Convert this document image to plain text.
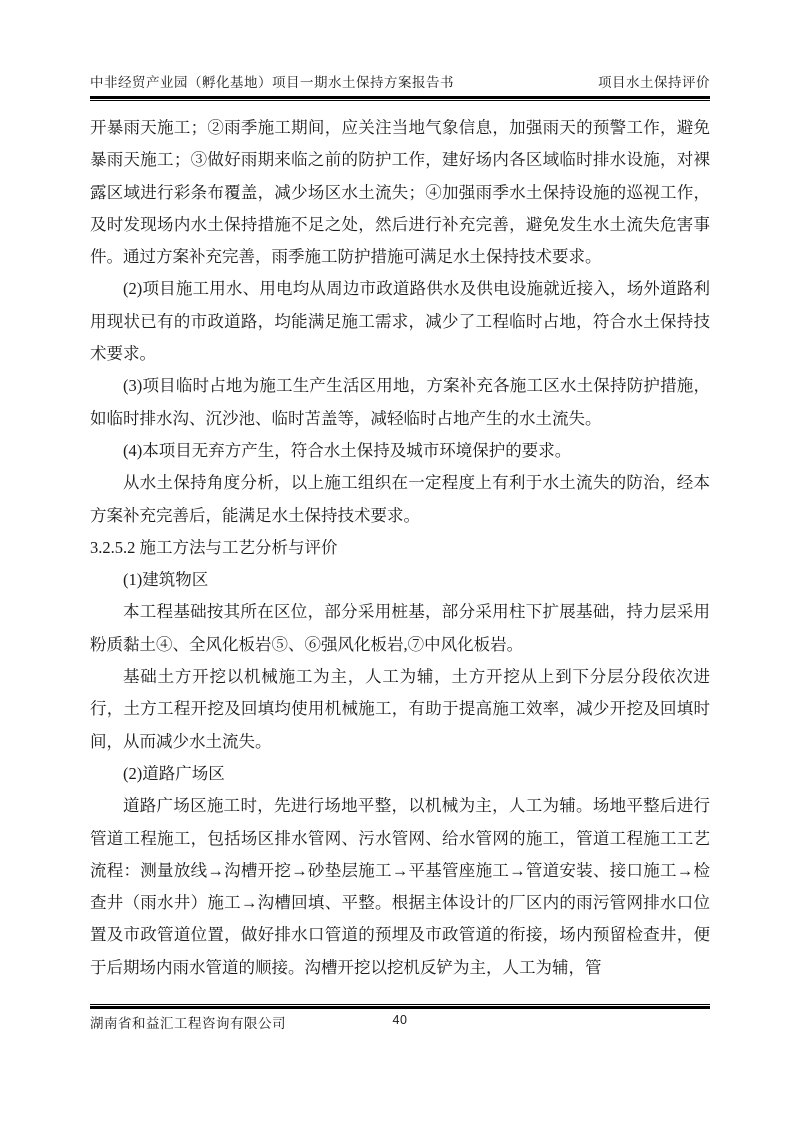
中非经贸产业园（孵化基地）项目一期水土保持方案报告书	项目水土保持评价

开暴雨天施工；②雨季施工期间，应关注当地气象信息，加强雨天的预警工作，避免暴雨天施工；③做好雨期来临之前的防护工作，建好场内各区域临时排水设施，对裸露区域进行彩条布覆盖，减少场区水土流失；④加强雨季水土保持设施的巡视工作，及时发现场内水土保持措施不足之处，然后进行补充完善，避免发生水土流失危害事件。通过方案补充完善，雨季施工防护措施可满足水土保持技术要求。

(2)项目施工用水、用电均从周边市政道路供水及供电设施就近接入，场外道路利用现状已有的市政道路，均能满足施工需求，减少了工程临时占地，符合水土保持技术要求。

(3)项目临时占地为施工生产生活区用地，方案补充各施工区水土保持防护措施，如临时排水沟、沉沙池、临时苫盖等，减轻临时占地产生的水土流失。

(4)本项目无弃方产生，符合水土保持及城市环境保护的要求。

从水土保持角度分析，以上施工组织在一定程度上有利于水土流失的防治，经本方案补充完善后，能满足水土保持技术要求。

3.2.5.2 施工方法与工艺分析与评价

(1)建筑物区

本工程基础按其所在区位，部分采用桩基，部分采用柱下扩展基础，持力层采用粉质黏土④、全风化板岩⑤、⑥强风化板岩,⑦中风化板岩。

基础土方开挖以机械施工为主，人工为辅，土方开挖从上到下分层分段依次进行，土方工程开挖及回填均使用机械施工，有助于提高施工效率，减少开挖及回填时间，从而减少水土流失。

(2)道路广场区

道路广场区施工时，先进行场地平整，以机械为主，人工为辅。场地平整后进行管道工程施工，包括场区排水管网、污水管网、给水管网的施工，管道工程施工工艺流程：测量放线→沟槽开挖→砂垫层施工→平基管座施工→管道安装、接口施工→检查井（雨水井）施工→沟槽回填、平整。根据主体设计的厂区内的雨污管网排水口位置及市政管道位置，做好排水口管道的预埋及市政管道的衔接，场内预留检查井，便于后期场内雨水管道的顺接。沟槽开挖以挖机反铲为主，人工为辅，管

湖南省和益汇工程咨询有限公司	40
